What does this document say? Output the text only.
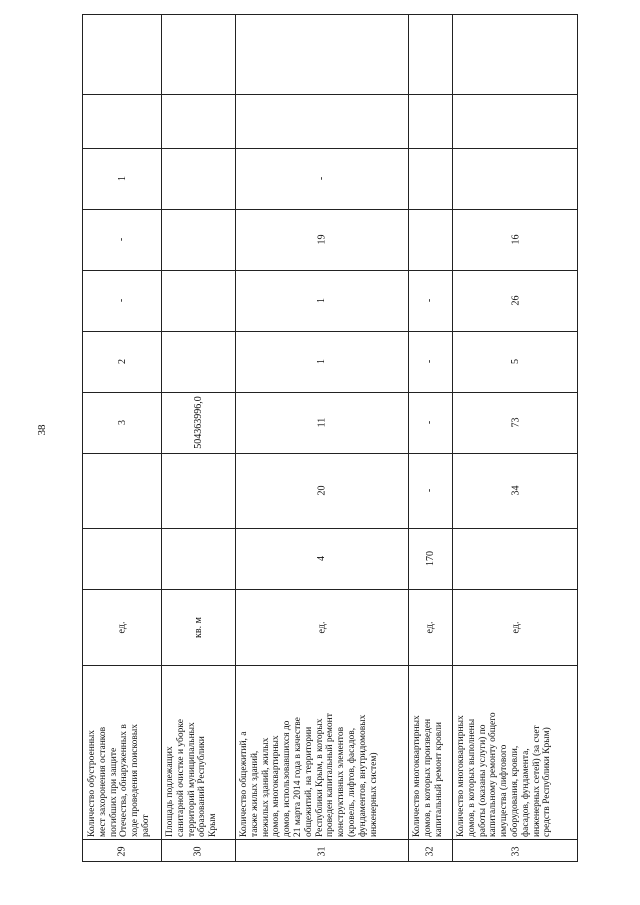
38
29
ед.
3
2
-
-
1
Количество обустроенных мест захоронения останков погибших при защите Отечества, обнаруженных в ходе проведения поисковых работ
30
кв. м
504363996,0
Площадь подлежащих санитарной очистке и уборке территорий муниципальных образований Республики Крым
31
ед.
4
20
11
1
1
19
-
Количество общежитий, а также жилых зданий, нежилых зданий, жилых домов, многоквартирных домов, использовавшихся до 21 марта 2014 года в качестве общежитий, на территории Республики Крым, в которых проведен капитальный ремонт конструктивных элементов (кровель, лифтов, фасадов, фундаментов, внутридомовых инженерных систем)
32
ед.
170
-
-
-
-
Количество многоквартирных домов, в которых произведен капитальный ремонт кровли
33
ед.
34
73
5
26
16
Количество многоквартирных домов, в которых выполнены работы (оказаны услуги) по капитальному ремонту общего имущества (лифтового оборудования, кровли, фасадов, фундамента, инженерных сетей) (за счет средств Республики Крым)
